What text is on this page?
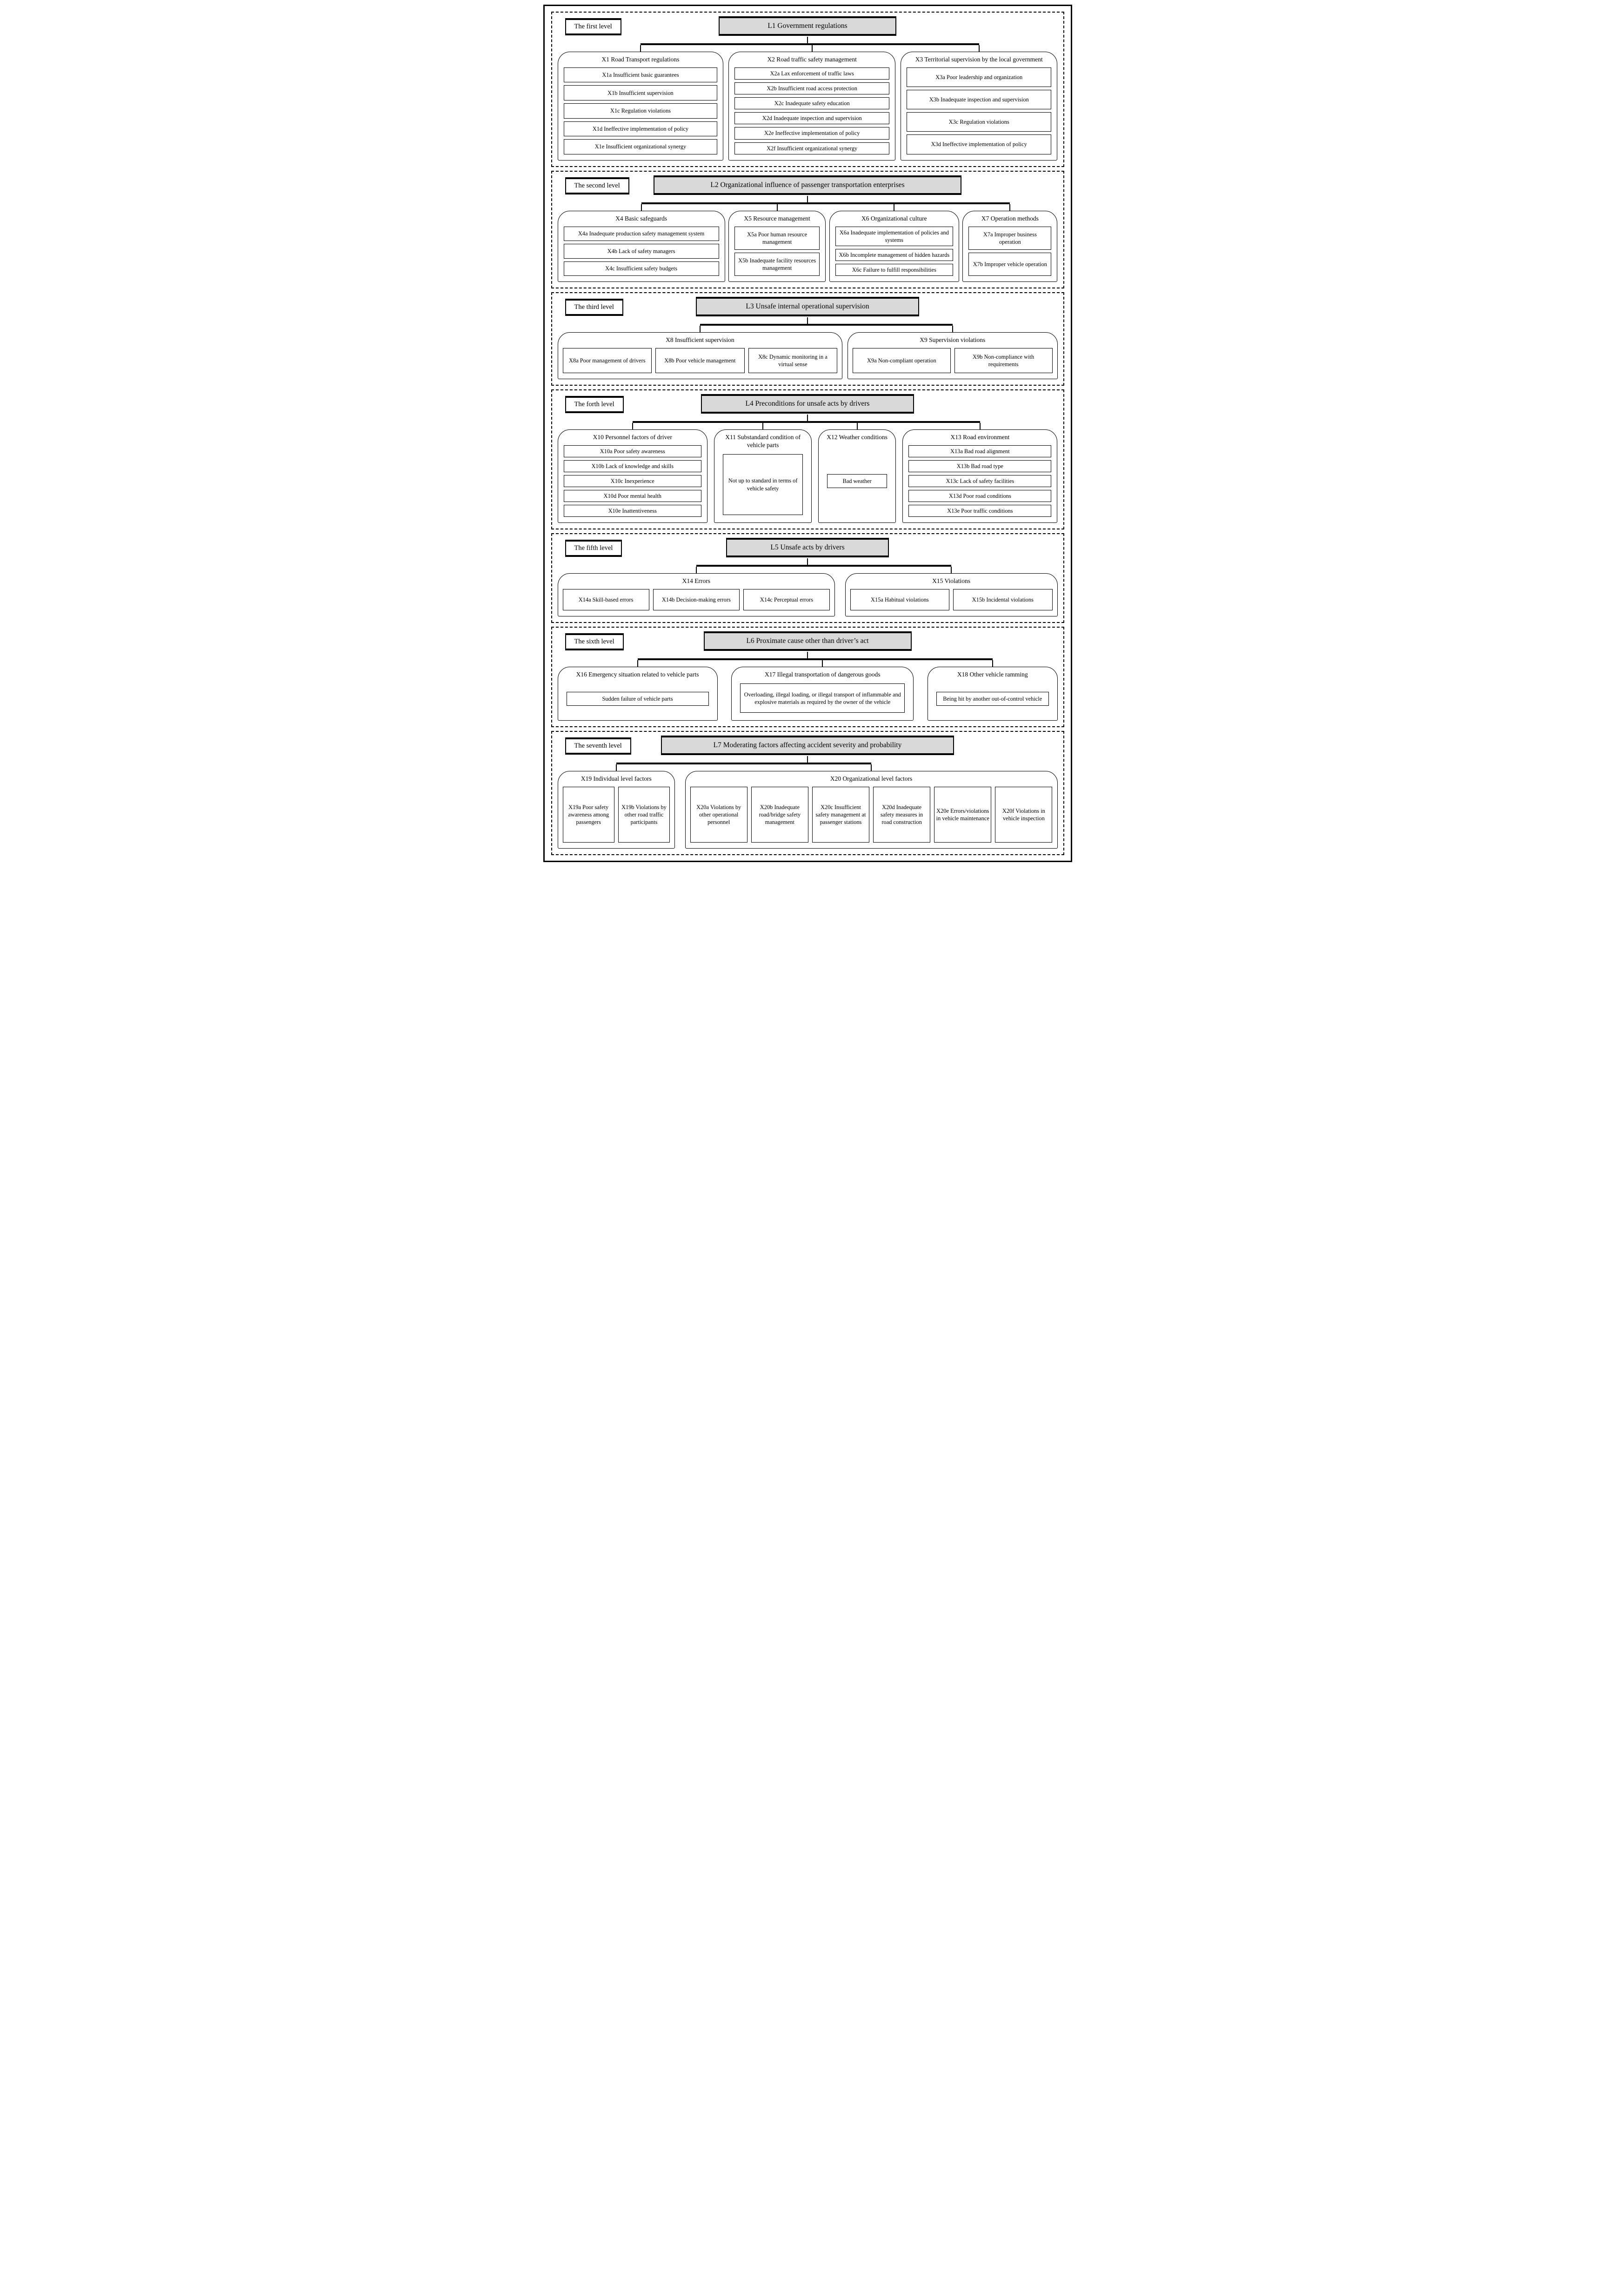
The first level	L1 Government regulations
X1 Road Transport regulations
X1a Insufficient basic guarantees
X1b Insufficient supervision
X1c Regulation violations
X1d Ineffective implementation of policy
X1e Insufficient organizational synergy
X2 Road traffic safety management
X2a Lax enforcement of traffic laws
X2b Insufficient road access protection
X2c Inadequate safety education
X2d Inadequate inspection and supervision
X2e Ineffective implementation of policy
X2f Insufficient organizational synergy
X3 Territorial supervision by the local government
X3a Poor leadership and organization
X3b Inadequate inspection and supervision
X3c Regulation violations
X3d Ineffective implementation of policy
The second level	L2 Organizational influence of passenger transportation enterprises
X4 Basic safeguards
X4a Inadequate production safety management system
X4b Lack of safety managers
X4c Insufficient safety budgets
X5 Resource management
X5a Poor human resource management
X5b Inadequate facility resources management
X6 Organizational culture
X6a Inadequate implementation of policies and systems
X6b Incomplete management of hidden hazards
X6c Failure to fulfill responsibilities
X7 Operation methods
X7a Improper business operation
X7b Improper vehicle operation
The third level	L3 Unsafe internal operational supervision
X8 Insufficient supervision
X8a Poor management of drivers	X8b Poor vehicle management
X8c Dynamic monitoring in a virtual sense
X9 Supervision violations
X9a Non-compliant operation
X9b Non-compliance with requirements
The forth level	L4 Preconditions for unsafe acts by drivers
X10 Personnel factors of driver
X10a Poor safety awareness
X10b Lack of knowledge and skills
X10c Inexperience
X10d Poor mental health
X10e Inattentiveness
X11 Substandard condition of vehicle parts
Not up to standard in terms of vehicle safety
X12 Weather conditions
Bad weather
X13 Road environment
X13a Bad road alignment
X13b Bad road type
X13c Lack of safety facilities
X13d Poor road conditions
X13e Poor traffic conditions
The fifth level	L5 Unsafe acts by drivers
X14 Errors
X14a Skill-based errors	X14b Decision-making errors	X14c Perceptual errors
X15 Violations
X15a Habitual violations	X15b Incidental violations
The sixth level	L6 Proximate cause other than driver’s act
X16 Emergency situation related to vehicle parts
Sudden failure of vehicle parts
X17 Illegal transportation of dangerous goods
Overloading, illegal loading, or illegal transport of inflammable and explosive materials as required by the owner of the vehicle
X18 Other vehicle ramming
Being hit by another out-of-control vehicle
The seventh level	L7 Moderating factors affecting accident severity and probability
X19 Individual level factors
X19a Poor safety awareness among passengers
X19b Violations by other road traffic participants
X20 Organizational level factors
X20a Violations by other operational personnel
X20b Inadequate road/bridge safety management
X20c Insufficient safety management at passenger stations
X20d Inadequate safety measures in road construction
X20e Errors/violations in vehicle maintenance
X20f Violations in vehicle inspection
